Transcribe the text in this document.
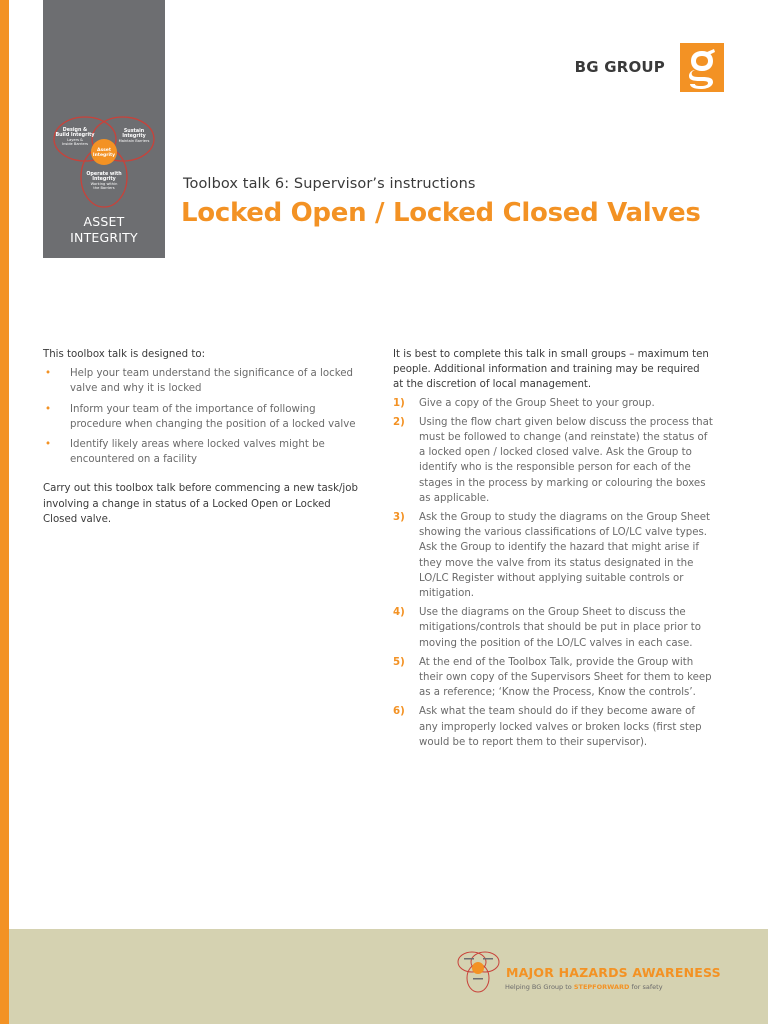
Design &
Build Integrity
Layers &
Inside Barriers
Sustain
Integrity
Maintain Barriers
Asset
Integrity
Operate with
Integrity
Working within
the Barriers
ASSET
INTEGRITY
BG GROUP
Toolbox talk 6: Supervisor’s instructions
Locked Open / Locked Closed Valves

This toolbox talk is designed to:

• Help your team understand the significance of a locked valve and why it is locked
• Inform your team of the importance of following procedure when changing the position of a locked valve
• Identify likely areas where locked valves might be encountered on a facility

Carry out this toolbox talk before commencing a new task/job involving a change in status of a Locked Open or Locked Closed valve.

It is best to complete this talk in small groups – maximum ten people. Additional information and training may be required at the discretion of local management.

1) Give a copy of the Group Sheet to your group.
2) Using the flow chart given below discuss the process that must be followed to change (and reinstate) the status of a locked open / locked closed valve. Ask the Group to identify who is the responsible person for each of the stages in the process by marking or colouring the boxes as applicable.
3) Ask the Group to study the diagrams on the Group Sheet showing the various classifications of LO/LC valve types. Ask the Group to identify the hazard that might arise if they move the valve from its status designated in the LO/LC Register without applying suitable controls or mitigation.
4) Use the diagrams on the Group Sheet to discuss the mitigations/controls that should be put in place prior to moving the position of the LO/LC valves in each case.
5) At the end of the Toolbox Talk, provide the Group with their own copy of the Supervisors Sheet for them to keep as a reference; ‘Know the Process, Know the controls’.
6) Ask what the team should do if they become aware of any improperly locked valves or broken locks (first step would be to report them to their supervisor).
MAJOR HAZARDS AWARENESS
Helping BG Group to STEPFORWARD for safety
